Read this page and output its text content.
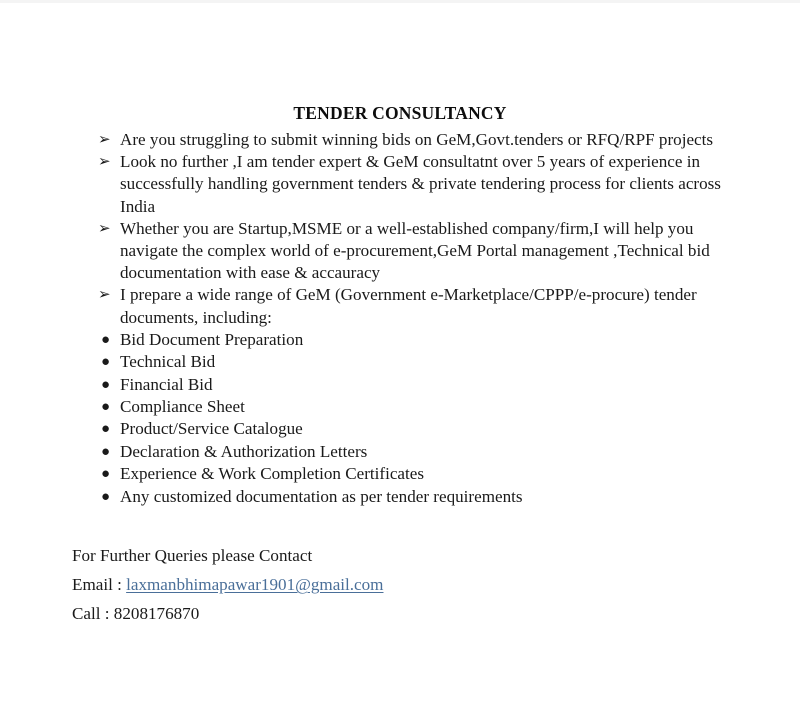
TENDER CONSULTANCY
➢ Are you struggling to submit winning bids on GeM,Govt.tenders or RFQ/RPF projects
➢ Look no further ,I am tender expert & GeM consultatnt over 5 years of experience in successfully handling government tenders & private tendering process for clients across India
➢ Whether you are Startup,MSME or a well-established company/firm,I will help you navigate the complex world of e-procurement,GeM Portal management ,Technical bid documentation with ease & accauracy
➢ I prepare a wide range of GeM (Government e-Marketplace/CPPP/e-procure) tender documents, including:
● Bid Document Preparation
● Technical Bid
● Financial Bid
● Compliance Sheet
● Product/Service Catalogue
● Declaration & Authorization Letters
● Experience & Work Completion Certificates
● Any customized documentation as per tender requirements
For Further Queries please Contact
Email : laxmanbhimapawar1901@gmail.com
Call : 8208176870
